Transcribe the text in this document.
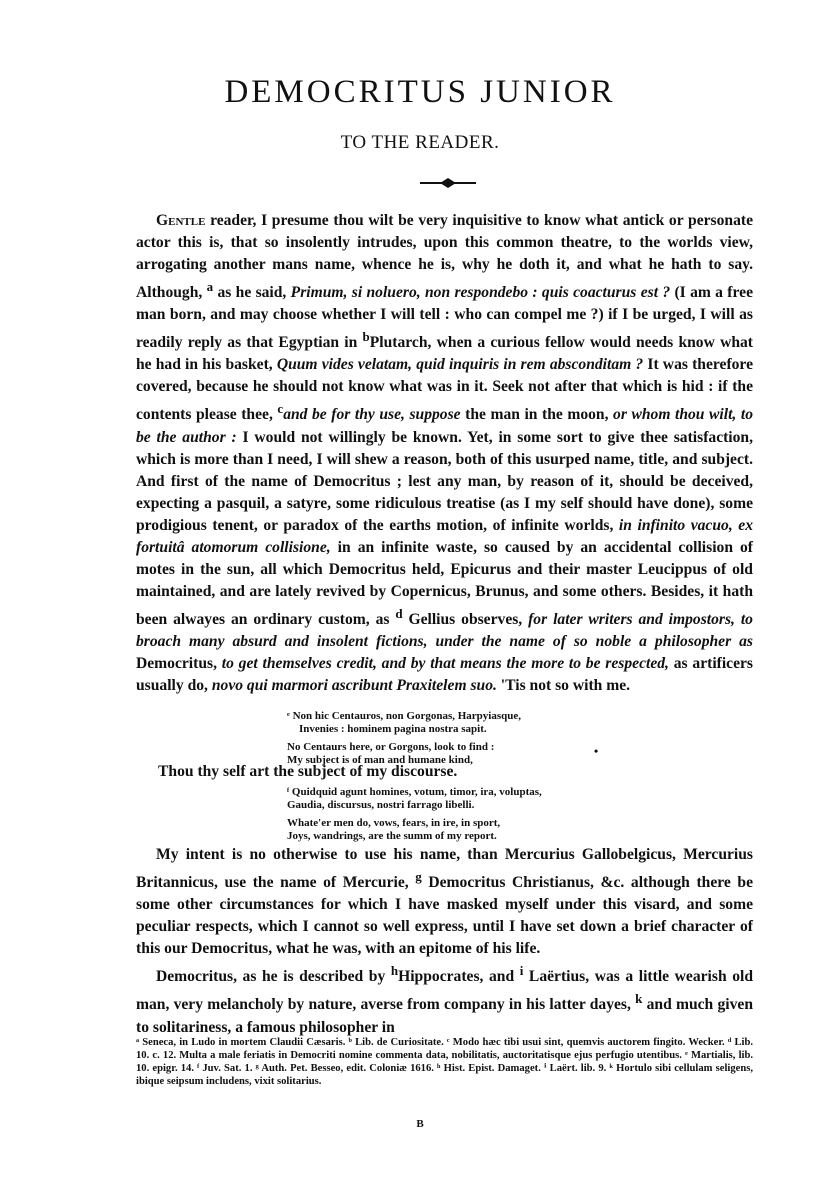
DEMOCRITUS JUNIOR
TO THE READER.

Gentle reader, I presume thou wilt be very inquisitive to know what antick or personate actor this is, that so insolently intrudes, upon this common theatre, to the worlds view, arrogating another mans name, whence he is, why he doth it, and what he hath to say. Although, $^a$ as he said, Primum, si noluero, non respondebo : quis coacturus est ? (I am a free man born, and may choose whether I will tell : who can compel me ?) if I be urged, I will as readily reply as that Egyptian in $^b$Plutarch, when a curious fellow would needs know what he had in his basket, Quum vides velatam, quid inquiris in rem absconditam ? It was therefore covered, because he should not know what was in it. Seek not after that which is hid : if the contents please thee, $^c$and be for thy use, suppose the man in the moon, or whom thou wilt, to be the author : I would not willingly be known. Yet, in some sort to give thee satisfaction, which is more than I need, I will shew a reason, both of this usurped name, title, and subject. And first of the name of Democritus ; lest any man, by reason of it, should be deceived, expecting a pasquil, a satyre, some ridiculous treatise (as I my self should have done), some prodigious tenent, or paradox of the earths motion, of infinite worlds, in infinito vacuo, ex fortuitâ atomorum collisione, in an infinite waste, so caused by an accidental collision of motes in the sun, all which Democritus held, Epicurus and their master Leucippus of old maintained, and are lately revived by Copernicus, Brunus, and some others. Besides, it hath been alwayes an ordinary custom, as $^d$ Gellius observes, for later writers and impostors, to broach many absurd and insolent fictions, under the name of so noble a philosopher as Democritus, to get themselves credit, and by that means the more to be respected, as artificers usually do, novo qui marmori ascribunt Praxitelem suo. 'Tis not so with me.

ᵉ Non hic Centauros, non Gorgonas, Harpyiasque,
Invenies : hominem pagina nostra sapit.
No Centaurs here, or Gorgons, look to find :
My subject is of man and humane kind,
•
Thou thy self art the subject of my discourse.
ᶠ Quidquid agunt homines, votum, timor, ira, voluptas,
Gaudia, discursus, nostri farrago libelli.
Whate'er men do, vows, fears, in ire, in sport,
Joys, wandrings, are the summ of my report.

My intent is no otherwise to use his name, than Mercurius Gallobelgicus, Mercurius Britannicus, use the name of Mercurie, $^g$ Democritus Christianus, &c. although there be some other circumstances for which I have masked myself under this visard, and some peculiar respects, which I cannot so well express, until I have set down a brief character of this our Democritus, what he was, with an epitome of his life.

Democritus, as he is described by $^h$Hippocrates, and $^i$ Laërtius, was a little wearish old man, very melancholy by nature, averse from company in his latter dayes, $^k$ and much given to solitariness, a famous philosopher in

ᵃ Seneca, in Ludo in mortem Claudii Cæsaris. ᵇ Lib. de Curiositate. ᶜ Modo hæc tibi usui sint, quemvis auctorem fingito. Wecker. ᵈ Lib. 10. c. 12. Multa a male feriatis in Democriti nomine commenta data, nobilitatis, auctoritatisque ejus perfugio utentibus. ᵉ Martialis, lib. 10. epigr. 14. ᶠ Juv. Sat. 1. ᵍ Auth. Pet. Besseo, edit. Coloniæ 1616. ʰ Hist. Epist. Damaget. ⁱ Laërt. lib. 9. ᵏ Hortulo sibi cellulam seligens, ibique seipsum includens, vixit solitarius.
B
